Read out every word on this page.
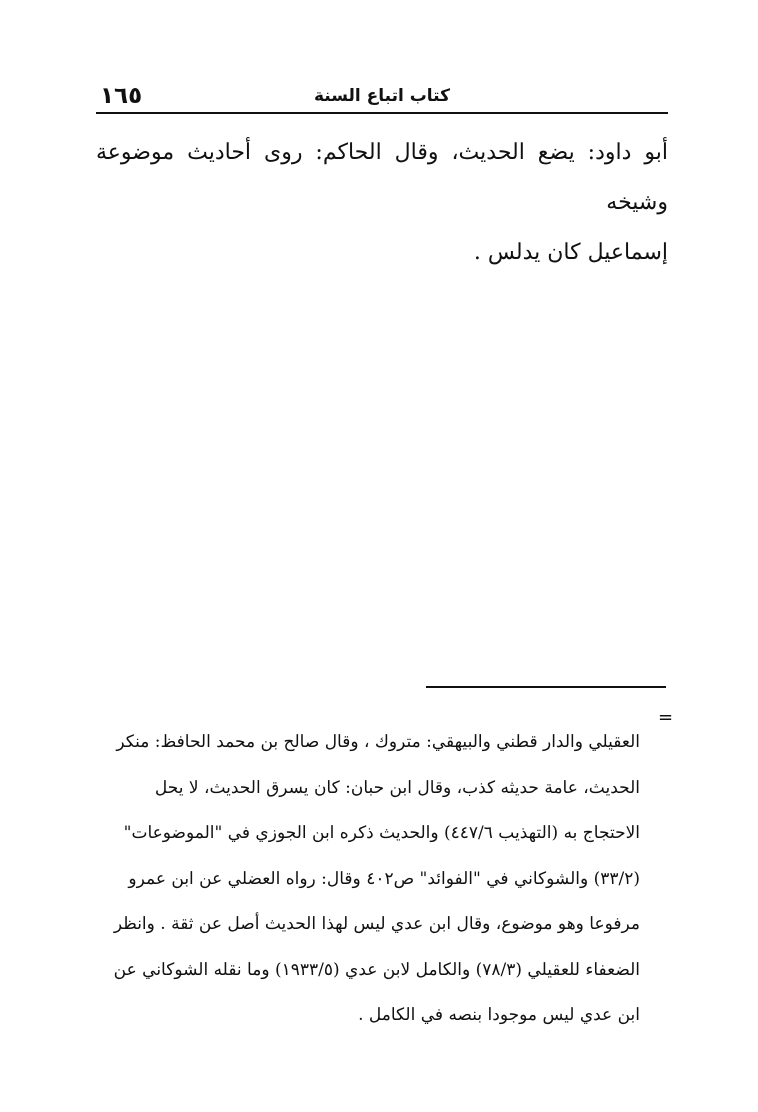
١٦٥	كتاب اتباع السنة

أبو داود: يضع الحديث، وقال الحاكم: روى أحاديث موضوعة وشيخه

إسماعيل كان يدلس .

=

العقيلي والدار قطني والبيهقي: متروك ، وقال صالح بن محمد الحافظ: منكر

الحديث، عامة حديثه كذب، وقال ابن حبان: كان يسرق الحديث، لا يحل

الاحتجاج به (التهذيب ٤٤٧/٦) والحديث ذكره ابن الجوزي في "الموضوعات"

(٣٣/٢) والشوكاني في "الفوائد" ص٤٠٢ وقال: رواه العضلي عن ابن عمرو

مرفوعا وهو موضوع، وقال ابن عدي ليس لهذا الحديث أصل عن ثقة . وانظر

الضعفاء للعقيلي (٧٨/٣) والكامل لابن عدي (١٩٣٣/٥) وما نقله الشوكاني عن

ابن عدي ليس موجودا بنصه في الكامل .
